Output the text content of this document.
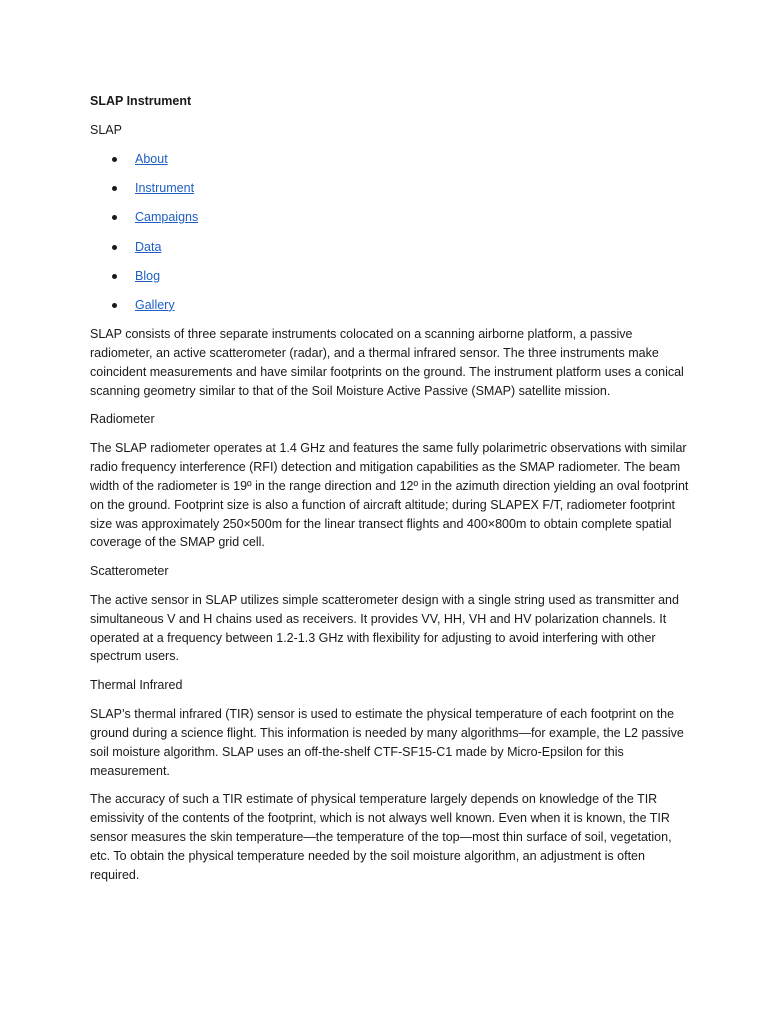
SLAP Instrument
SLAP
About
Instrument
Campaigns
Data
Blog
Gallery

SLAP consists of three separate instruments colocated on a scanning airborne platform, a passive radiometer, an active scatterometer (radar), and a thermal infrared sensor. The three instruments make coincident measurements and have similar footprints on the ground. The instrument platform uses a conical scanning geometry similar to that of the Soil Moisture Active Passive (SMAP) satellite mission.

Radiometer

The SLAP radiometer operates at 1.4 GHz and features the same fully polarimetric observations with similar radio frequency interference (RFI) detection and mitigation capabilities as the SMAP radiometer. The beam width of the radiometer is 19º in the range direction and 12º in the azimuth direction yielding an oval footprint on the ground. Footprint size is also a function of aircraft altitude; during SLAPEX F/T, radiometer footprint size was approximately 250×500m for the linear transect flights and 400×800m to obtain complete spatial coverage of the SMAP grid cell.

Scatterometer

The active sensor in SLAP utilizes simple scatterometer design with a single string used as transmitter and simultaneous V and H chains used as receivers. It provides VV, HH, VH and HV polarization channels. It operated at a frequency between 1.2-1.3 GHz with flexibility for adjusting to avoid interfering with other spectrum users.

Thermal Infrared

SLAP’s thermal infrared (TIR) sensor is used to estimate the physical temperature of each footprint on the ground during a science flight. This information is needed by many algorithms—for example, the L2 passive soil moisture algorithm. SLAP uses an off-the-shelf CTF-SF15-C1 made by Micro-Epsilon for this measurement.

The accuracy of such a TIR estimate of physical temperature largely depends on knowledge of the TIR emissivity of the contents of the footprint, which is not always well known. Even when it is known, the TIR sensor measures the skin temperature—the temperature of the top—most thin surface of soil, vegetation, etc. To obtain the physical temperature needed by the soil moisture algorithm, an adjustment is often required.
